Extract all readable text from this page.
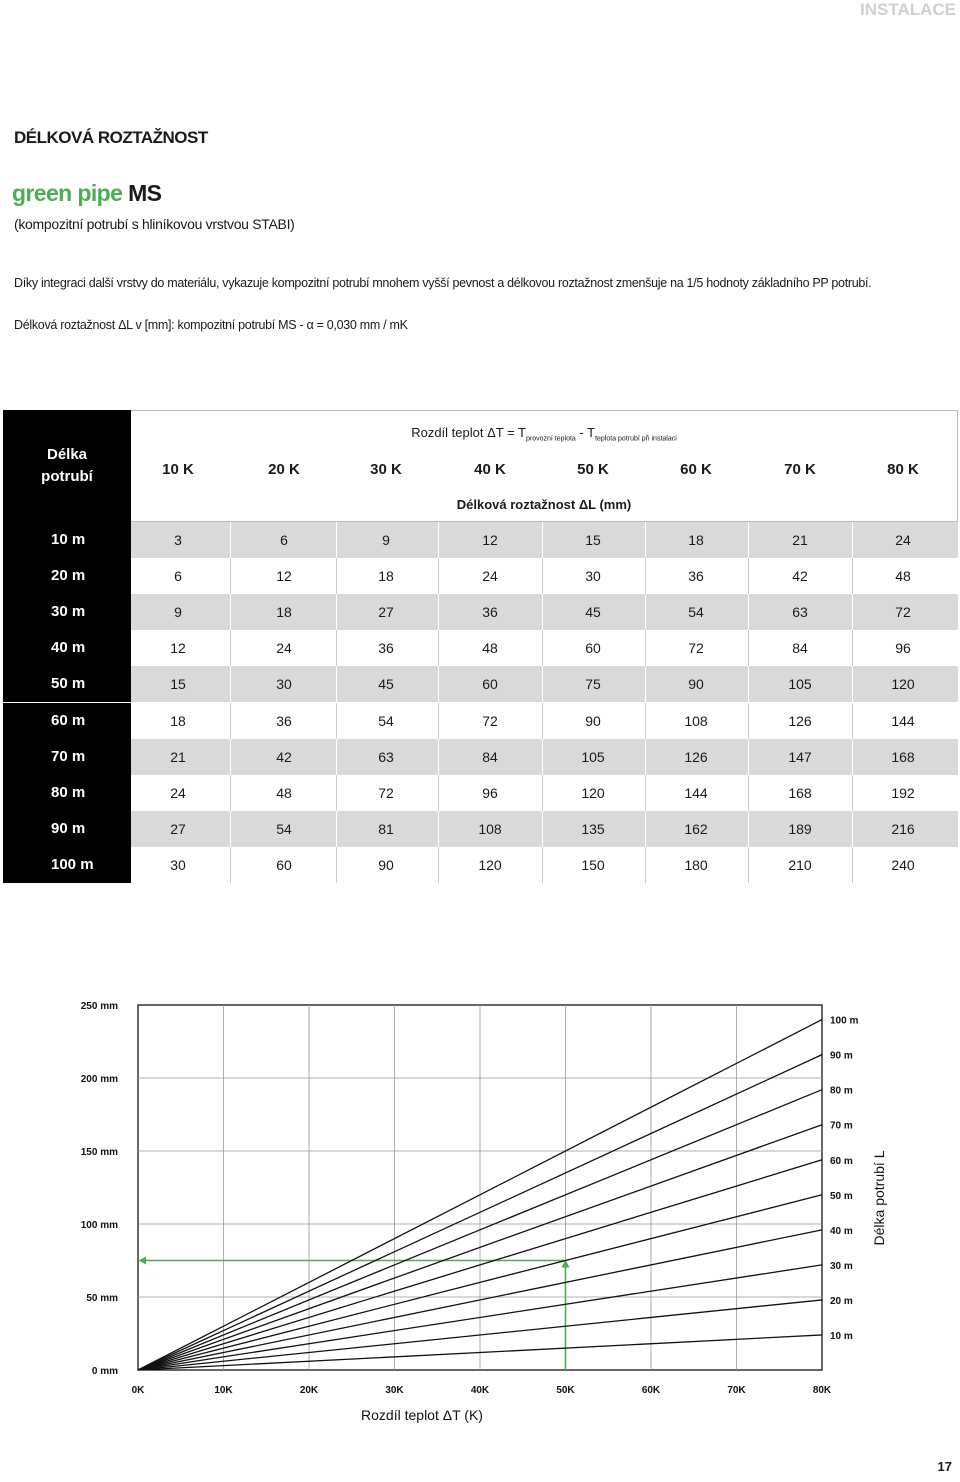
INSTALACE
DÉLKOVÁ ROZTAŽNOST
green pipe MS
(kompozitní potrubí s hliníkovou vrstvou STABI)
Díky integraci další vrstvy do materiálu, vykazuje kompozitní potrubí mnohem vyšší pevnost a délkovou roztažnost zmenšuje na 1/5 hodnoty základního PP potrubí.
Délková roztažnost ΔL v [mm]: kompozitní potrubí MS - α = 0,030 mm / mK
Délka
potrubí
Rozdíl teplot $\Delta T = T_{provozní teplota} - T_{teplota potrubí při instalaci}$
10 K	20 K	30 K	40 K	50 K	60 K	70 K	80 K
Délková roztažnost ΔL (mm)
10 m	3	6	9	12	15	18	21	24
20 m	6	12	18	24	30	36	42	48
30 m	9	18	27	36	45	54	63	72
40 m	12	24	36	48	60	72	84	96
50 m	15	30	45	60	75	90	105	120
60 m	18	36	54	72	90	108	126	144
70 m	21	42	63	84	105	126	147	168
80 m	24	48	72	96	120	144	168	192
90 m	27	54	81	108	135	162	189	216
100 m	30	60	90	120	150	180	210	240
10 m
20 m
30 m
40 m
50 m
60 m
70 m
80 m
90 m
100 m
0 mm
50 mm
100 mm
150 mm
200 mm
250 mm
0K	10K	20K	30K	40K	50K	60K	70K	80K
Rozdíl teplot ΔT (K)
Délka potrubí L
17
